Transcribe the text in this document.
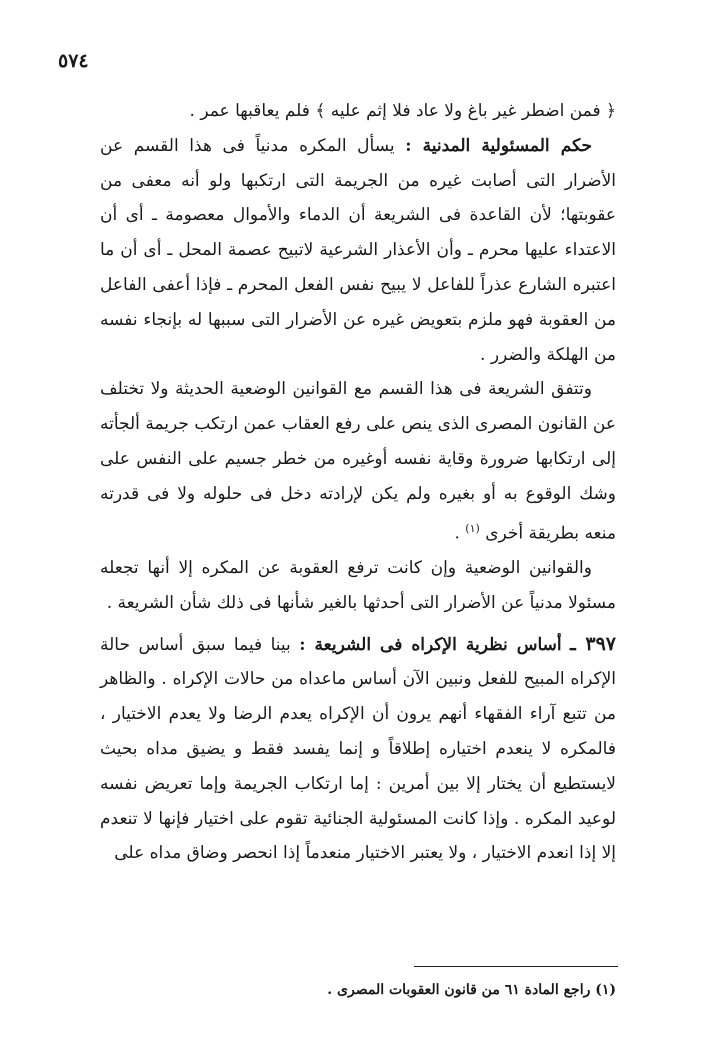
٥٧٤

﴿ فمن اضطر غير باغ ولا عاد فلا إثم عليه ﴾ فلم يعاقبها عمر .

حكم المسئولية المدنية : يسأل المكره مدنياً فى هذا القسم عن الأضرار التى أصابت غيره من الجريمة التى ارتكبها ولو أنه معفى من عقوبتها؛ لأن القاعدة فى الشريعة أن الدماء والأموال معصومة ـ أى أن الاعتداء عليها محرم ـ وأن الأعذار الشرعية لاتبيح عصمة المحل ـ أى أن ما اعتبره الشارع عذراً للفاعل لا يبيح نفس الفعل المحرم ـ فإذا أعفى الفاعل من العقوبة فهو ملزم بتعويض غيره عن الأضرار التى سببها له بإنجاء نفسه من الهلكة والضرر .

وتتفق الشريعة فى هذا القسم مع القوانين الوضعية الحديثة ولا تختلف عن القانون المصرى الذى ينص على رفع العقاب عمن ارتكب جريمة ألجأته إلى ارتكابها ضرورة وقاية نفسه أوغيره من خطر جسيم على النفس على وشك الوقوع به أو بغيره ولم يكن لإرادته دخل فى حلوله ولا فى قدرته منعه بطريقة أخرى $^{(١)}$ .

والقوانين الوضعية وإن كانت ترفع العقوبة عن المكره إلا أنها تجعله مسئولا مدنياً عن الأضرار التى أحدثها بالغير شأنها فى ذلك شأن الشريعة .

٣٩٧ ـ أساس نظرية الإكراه فى الشريعة : بينا فيما سبق أساس حالة الإكراه المبيح للفعل ونبين الآن أساس ماعداه من حالات الإكراه . والظاهر من تتبع آراء الفقهاء أنهم يرون أن الإكراه يعدم الرضا ولا يعدم الاختيار ، فالمكره لا ينعدم اختياره إطلاقاً و إنما يفسد فقط و يضيق مداه بحيث لايستطيع أن يختار إلا بين أمرين : إما ارتكاب الجريمة وإما تعريض نفسه لوعيد المكره . وإذا كانت المسئولية الجنائية تقوم على اختيار فإنها لا تنعدم إلا إذا انعدم الاختيار ، ولا يعتبر الاختيار منعدماً إذا انحصر وضاق مداه على

(١) راجع المادة ٦١ من قانون العقوبات المصرى .
